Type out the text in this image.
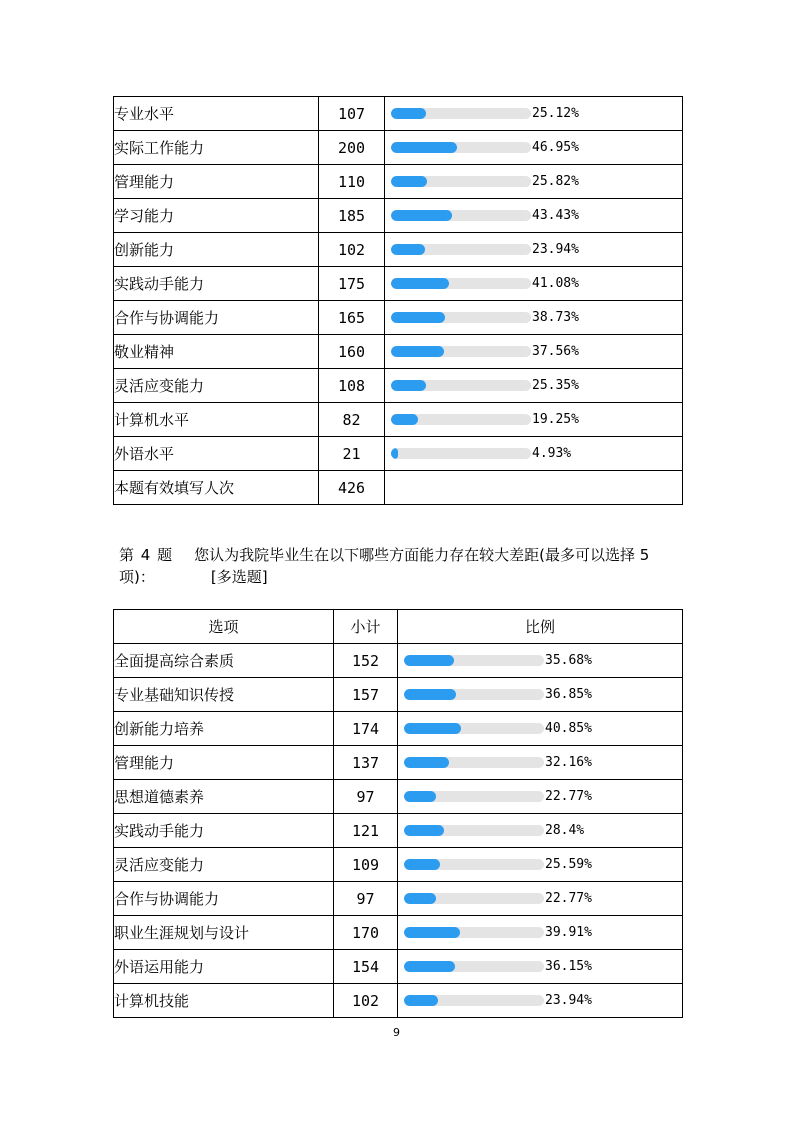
专业水平	107	25.12%

实际工作能力	200	46.95%

管理能力	110	25.82%

学习能力	185	43.43%

创新能力	102	23.94%

实践动手能力	175	41.08%

合作与协调能力	165	38.73%

敬业精神	160	37.56%

灵活应变能力	108	25.35%

计算机水平	82	19.25%

外语水平	21	4.93%

本题有效填写人次	426	
第 4 题 您认为我院毕业生在以下哪些方面能力存在较大差距(最多可以选择 5 项)：	[多选题]
选项	小计	比例
全面提高综合素质	152	35.68%

专业基础知识传授	157	36.85%

创新能力培养	174	40.85%

管理能力	137	32.16%

思想道德素养	97	22.77%

实践动手能力	121	28.4%

灵活应变能力	109	25.59%

合作与协调能力	97	22.77%

职业生涯规划与设计	170	39.91%

外语运用能力	154	36.15%

计算机技能	102	23.94%
9
